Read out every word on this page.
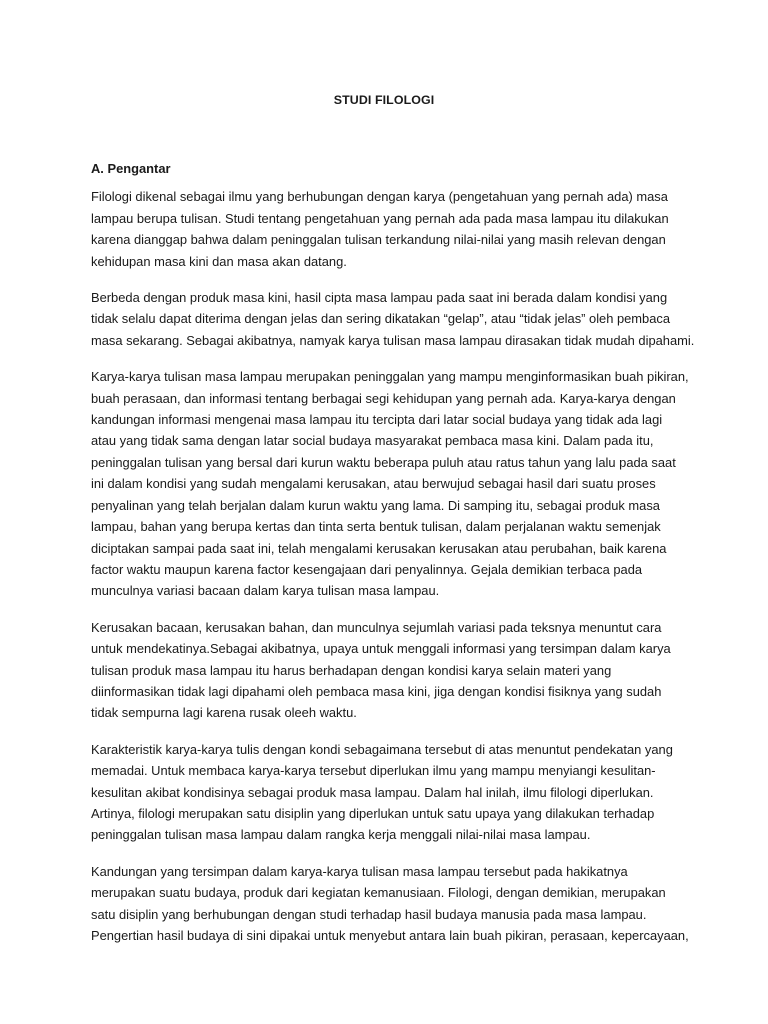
STUDI FILOLOGI
A. Pengantar
Filologi dikenal sebagai ilmu yang berhubungan dengan karya (pengetahuan yang pernah ada) masa
lampau berupa tulisan. Studi tentang pengetahuan yang pernah ada pada masa lampau itu dilakukan
karena dianggap bahwa dalam peninggalan tulisan terkandung nilai-nilai yang masih relevan dengan
kehidupan masa kini dan masa akan datang.
Berbeda dengan produk masa kini, hasil cipta masa lampau pada saat ini berada dalam kondisi yang
tidak selalu dapat diterima dengan jelas dan sering dikatakan “gelap”, atau “tidak jelas” oleh pembaca
masa sekarang. Sebagai akibatnya, namyak karya tulisan masa lampau dirasakan tidak mudah dipahami.
Karya-karya tulisan masa lampau merupakan peninggalan yang mampu menginformasikan buah pikiran,
buah perasaan, dan informasi tentang berbagai segi kehidupan yang pernah ada. Karya-karya dengan
kandungan informasi mengenai masa lampau itu tercipta dari latar social budaya yang tidak ada lagi
atau yang tidak sama dengan latar social budaya masyarakat pembaca masa kini. Dalam pada itu,
peninggalan tulisan yang bersal dari kurun waktu beberapa puluh atau ratus tahun yang lalu pada saat
ini dalam kondisi yang sudah mengalami kerusakan, atau berwujud sebagai hasil dari suatu proses
penyalinan yang telah berjalan dalam kurun waktu yang lama. Di samping itu, sebagai produk masa
lampau, bahan yang berupa kertas dan tinta serta bentuk tulisan, dalam perjalanan waktu semenjak
diciptakan sampai pada saat ini, telah mengalami kerusakan kerusakan atau perubahan, baik karena
factor waktu maupun karena factor kesengajaan dari penyalinnya. Gejala demikian terbaca pada
munculnya variasi bacaan dalam karya tulisan masa lampau.
Kerusakan bacaan, kerusakan bahan, dan munculnya sejumlah variasi pada teksnya menuntut cara
untuk mendekatinya.Sebagai akibatnya, upaya untuk menggali informasi yang tersimpan dalam karya
tulisan produk masa lampau itu harus berhadapan dengan kondisi karya selain materi yang
diinformasikan tidak lagi dipahami oleh pembaca masa kini, jiga dengan kondisi fisiknya yang sudah
tidak sempurna lagi karena rusak oleeh waktu.
Karakteristik karya-karya tulis dengan kondi sebagaimana tersebut di atas menuntut pendekatan yang
memadai. Untuk membaca karya-karya tersebut diperlukan ilmu yang mampu menyiangi kesulitan-
kesulitan akibat kondisinya sebagai produk masa lampau. Dalam hal inilah, ilmu filologi diperlukan.
Artinya, filologi merupakan satu disiplin yang diperlukan untuk satu upaya yang dilakukan terhadap
peninggalan tulisan masa lampau dalam rangka kerja menggali nilai-nilai masa lampau.
Kandungan yang tersimpan dalam karya-karya tulisan masa lampau tersebut pada hakikatnya
merupakan suatu budaya, produk dari kegiatan kemanusiaan. Filologi, dengan demikian, merupakan
satu disiplin yang berhubungan dengan studi terhadap hasil budaya manusia pada masa lampau.
Pengertian hasil budaya di sini dipakai untuk menyebut antara lain buah pikiran, perasaan, kepercayaan,
